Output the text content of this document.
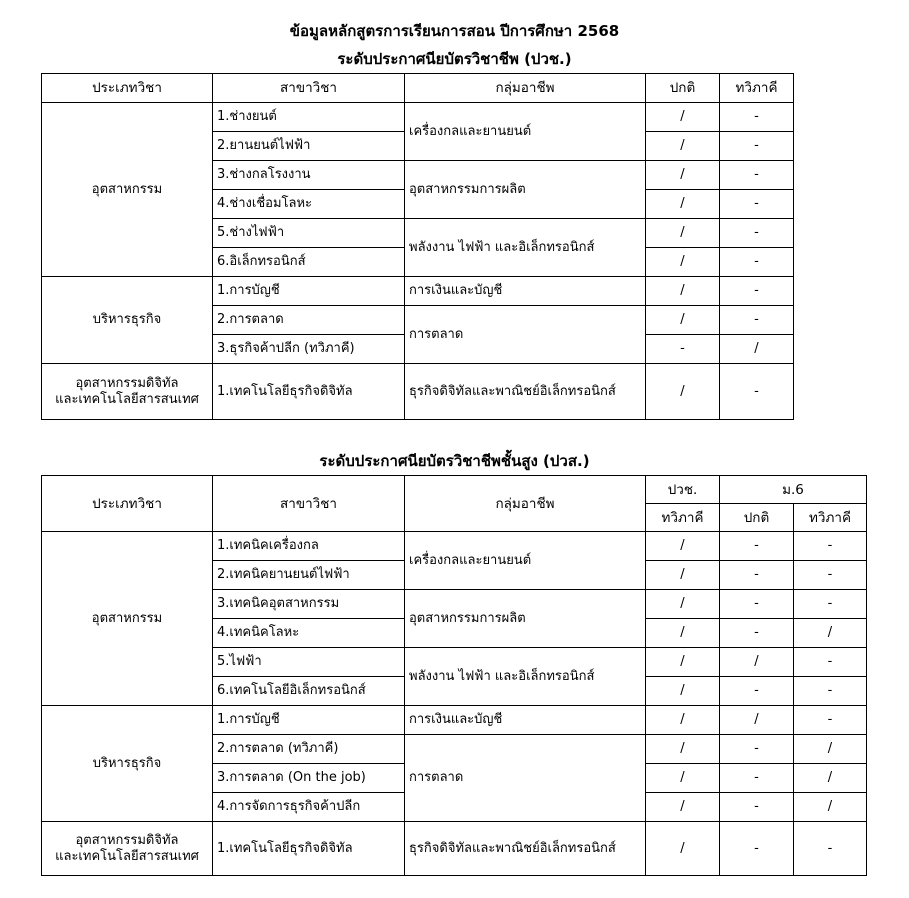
ข้อมูลหลักสูตรการเรียนการสอน ปีการศึกษา 2568
ระดับประกาศนียบัตรวิชาชีพ (ปวช.)
ประเภทวิชา	สาขาวิชา	กลุ่มอาชีพ	ปกติ	ทวิภาคี
อุตสาหกรรม	1.ช่างยนต์	เครื่องกลและยานยนต์	/	-
	2.ยานยนต์ไฟฟ้า		/	-
	3.ช่างกลโรงงาน	อุตสาหกรรมการผลิต	/	-
	4.ช่างเชื่อมโลหะ		/	-
	5.ช่างไฟฟ้า	พลังงาน ไฟฟ้า และอิเล็กทรอนิกส์	/	-
	6.อิเล็กทรอนิกส์		/	-
บริหารธุรกิจ	1.การบัญชี	การเงินและบัญชี	/	-
	2.การตลาด	การตลาด	/	-
	3.ธุรกิจค้าปลีก (ทวิภาคี)		-	/
อุตสาหกรรมดิจิทัล
และเทคโนโลยีสารสนเทศ	1.เทคโนโลยีธุรกิจดิจิทัล	ธุรกิจดิจิทัลและพาณิชย์อิเล็กทรอนิกส์	/	-
ระดับประกาศนียบัตรวิชาชีพชั้นสูง (ปวส.)
ประเภทวิชา	สาขาวิชา	กลุ่มอาชีพ	ปวช.	ม.6	
			ทวิภาคี	ปกติ	ทวิภาคี
อุตสาหกรรม	1.เทคนิคเครื่องกล	เครื่องกลและยานยนต์	/	-	-
	2.เทคนิคยานยนต์ไฟฟ้า		/	-	-
	3.เทคนิคอุตสาหกรรม	อุตสาหกรรมการผลิต	/	-	-
	4.เทคนิคโลหะ		/	-	/
	5.ไฟฟ้า	พลังงาน ไฟฟ้า และอิเล็กทรอนิกส์	/	/	-
	6.เทคโนโลยีอิเล็กทรอนิกส์		/	-	-
บริหารธุรกิจ	1.การบัญชี	การเงินและบัญชี	/	/	-
	2.การตลาด (ทวิภาคี)	การตลาด	/	-	/
	3.การตลาด (On the job)		/	-	/
	4.การจัดการธุรกิจค้าปลีก		/	-	/
อุตสาหกรรมดิจิทัล
และเทคโนโลยีสารสนเทศ	1.เทคโนโลยีธุรกิจดิจิทัล	ธุรกิจดิจิทัลและพาณิชย์อิเล็กทรอนิกส์	/	-	-
